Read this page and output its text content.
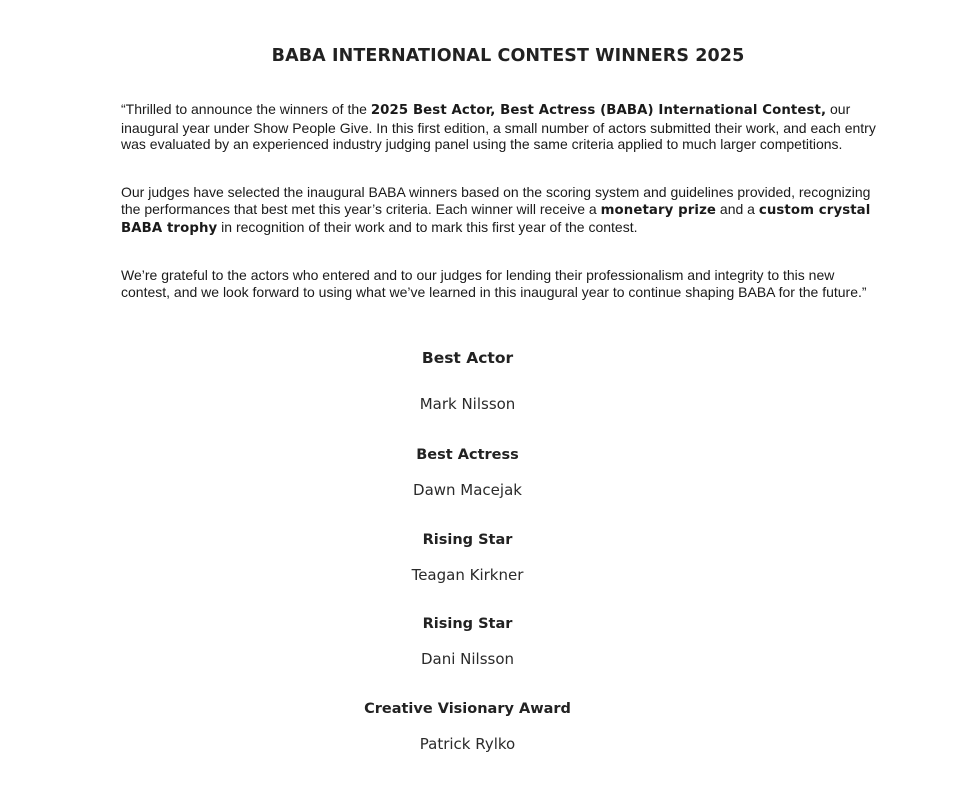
BABA INTERNATIONAL CONTEST WINNERS 2025

“Thrilled to announce the winners of the 2025 Best Actor, Best Actress (BABA) International Contest, our inaugural year under Show People Give. In this first edition, a small number of actors submitted their work, and each entry was evaluated by an experienced industry judging panel using the same criteria applied to much larger competitions.

Our judges have selected the inaugural BABA winners based on the scoring system and guidelines provided, recognizing the performances that best met this year’s criteria. Each winner will receive a monetary prize and a custom crystal BABA trophy in recognition of their work and to mark this first year of the contest.

We’re grateful to the actors who entered and to our judges for lending their professionalism and integrity to this new contest, and we look forward to using what we’ve learned in this inaugural year to continue shaping BABA for the future.”

Best Actor
Mark Nilsson
Best Actress
Dawn Macejak
Rising Star
Teagan Kirkner
Rising Star
Dani Nilsson
Creative Visionary Award
Patrick Rylko
